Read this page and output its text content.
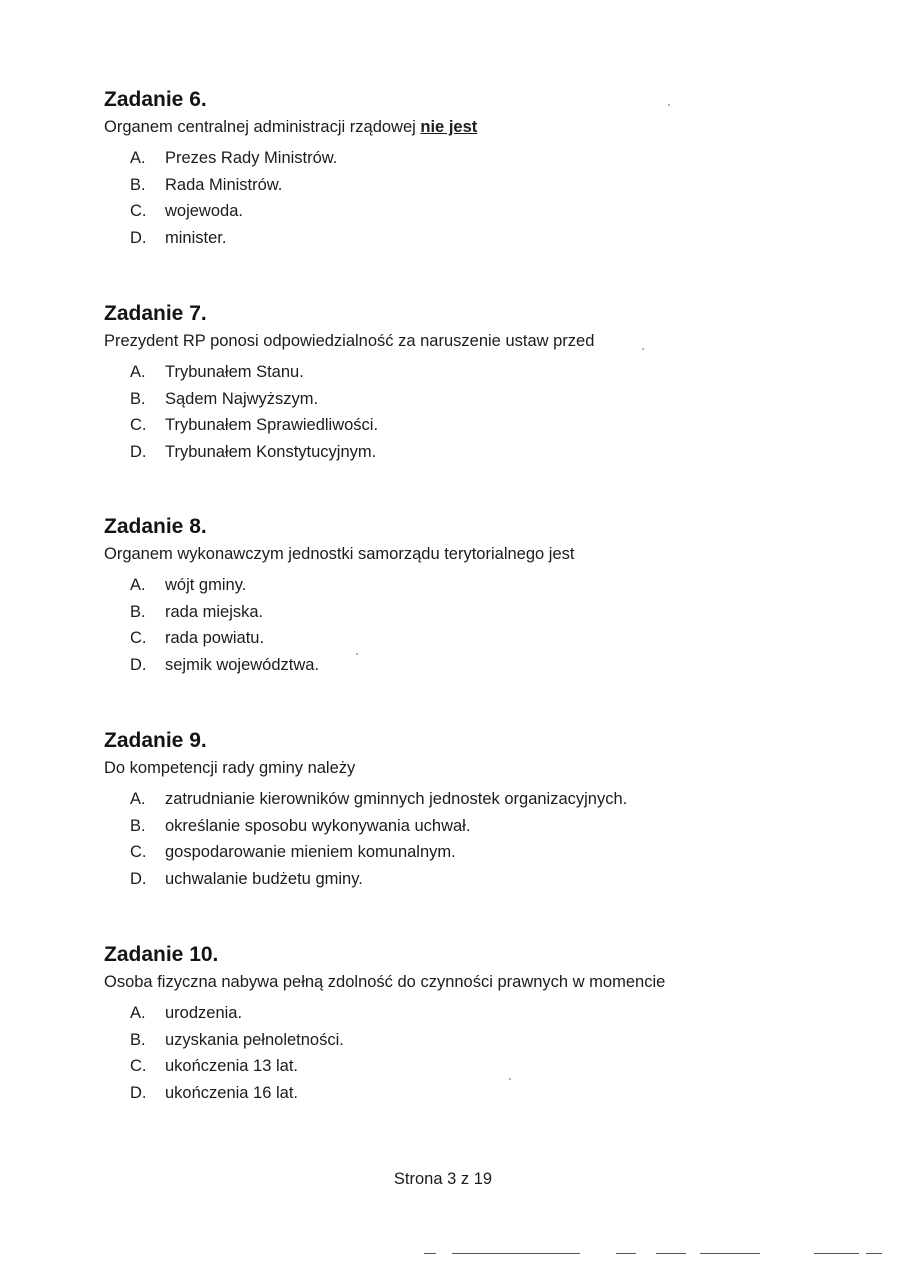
Zadanie 6.

Organem centralnej administracji rządowej nie jest

A. Prezes Rady Ministrów.
B. Rada Ministrów.
C. wojewoda.
D. minister.
Zadanie 7.

Prezydent RP ponosi odpowiedzialność za naruszenie ustaw przed

A. Trybunałem Stanu.
B. Sądem Najwyższym.
C. Trybunałem Sprawiedliwości.
D. Trybunałem Konstytucyjnym.
Zadanie 8.

Organem wykonawczym jednostki samorządu terytorialnego jest

A. wójt gminy.
B. rada miejska.
C. rada powiatu.
D. sejmik województwa.
Zadanie 9.

Do kompetencji rady gminy należy

A. zatrudnianie kierowników gminnych jednostek organizacyjnych.
B. określanie sposobu wykonywania uchwał.
C. gospodarowanie mieniem komunalnym.
D. uchwalanie budżetu gminy.
Zadanie 10.

Osoba fizyczna nabywa pełną zdolność do czynności prawnych w momencie

A. urodzenia.
B. uzyskania pełnoletności.
C. ukończenia 13 lat.
D. ukończenia 16 lat.
Strona 3 z 19
